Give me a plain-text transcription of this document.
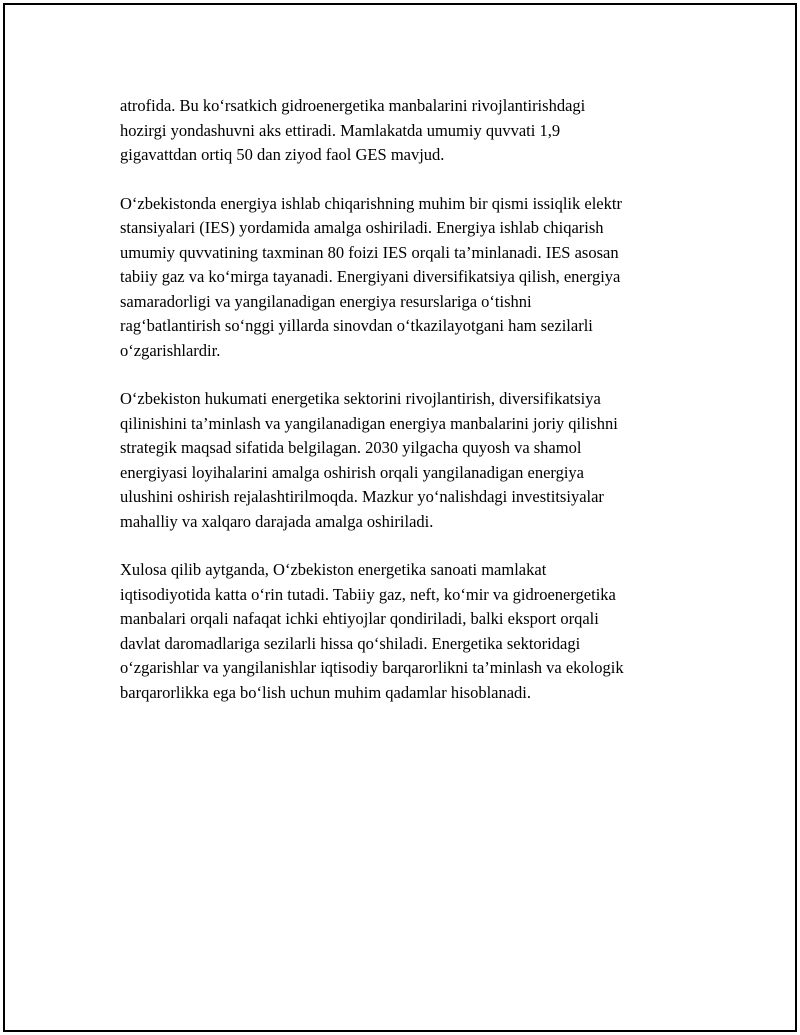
atrofida. Bu ko‘rsatkich gidroenergetika manbalarini rivojlantirishdagi
hozirgi yondashuvni aks ettiradi. Mamlakatda umumiy quvvati 1,9
gigavattdan ortiq 50 dan ziyod faol GES mavjud.

O‘zbekistonda energiya ishlab chiqarishning muhim bir qismi issiqlik elektr
stansiyalari (IES) yordamida amalga oshiriladi. Energiya ishlab chiqarish
umumiy quvvatining taxminan 80 foizi IES orqali ta’minlanadi. IES asosan
tabiiy gaz va ko‘mirga tayanadi. Energiyani diversifikatsiya qilish, energiya
samaradorligi va yangilanadigan energiya resurslariga o‘tishni
rag‘batlantirish so‘nggi yillarda sinovdan o‘tkazilayotgani ham sezilarli
o‘zgarishlardir.

O‘zbekiston hukumati energetika sektorini rivojlantirish, diversifikatsiya
qilinishini ta’minlash va yangilanadigan energiya manbalarini joriy qilishni
strategik maqsad sifatida belgilagan. 2030 yilgacha quyosh va shamol
energiyasi loyihalarini amalga oshirish orqali yangilanadigan energiya
ulushini oshirish rejalashtirilmoqda. Mazkur yo‘nalishdagi investitsiyalar
mahalliy va xalqaro darajada amalga oshiriladi.

Xulosa qilib aytganda, O‘zbekiston energetika sanoati mamlakat
iqtisodiyotida katta o‘rin tutadi. Tabiiy gaz, neft, ko‘mir va gidroenergetika
manbalari orqali nafaqat ichki ehtiyojlar qondiriladi, balki eksport orqali
davlat daromadlariga sezilarli hissa qo‘shiladi. Energetika sektoridagi
o‘zgarishlar va yangilanishlar iqtisodiy barqarorlikni ta’minlash va ekologik
barqarorlikka ega bo‘lish uchun muhim qadamlar hisoblanadi.
